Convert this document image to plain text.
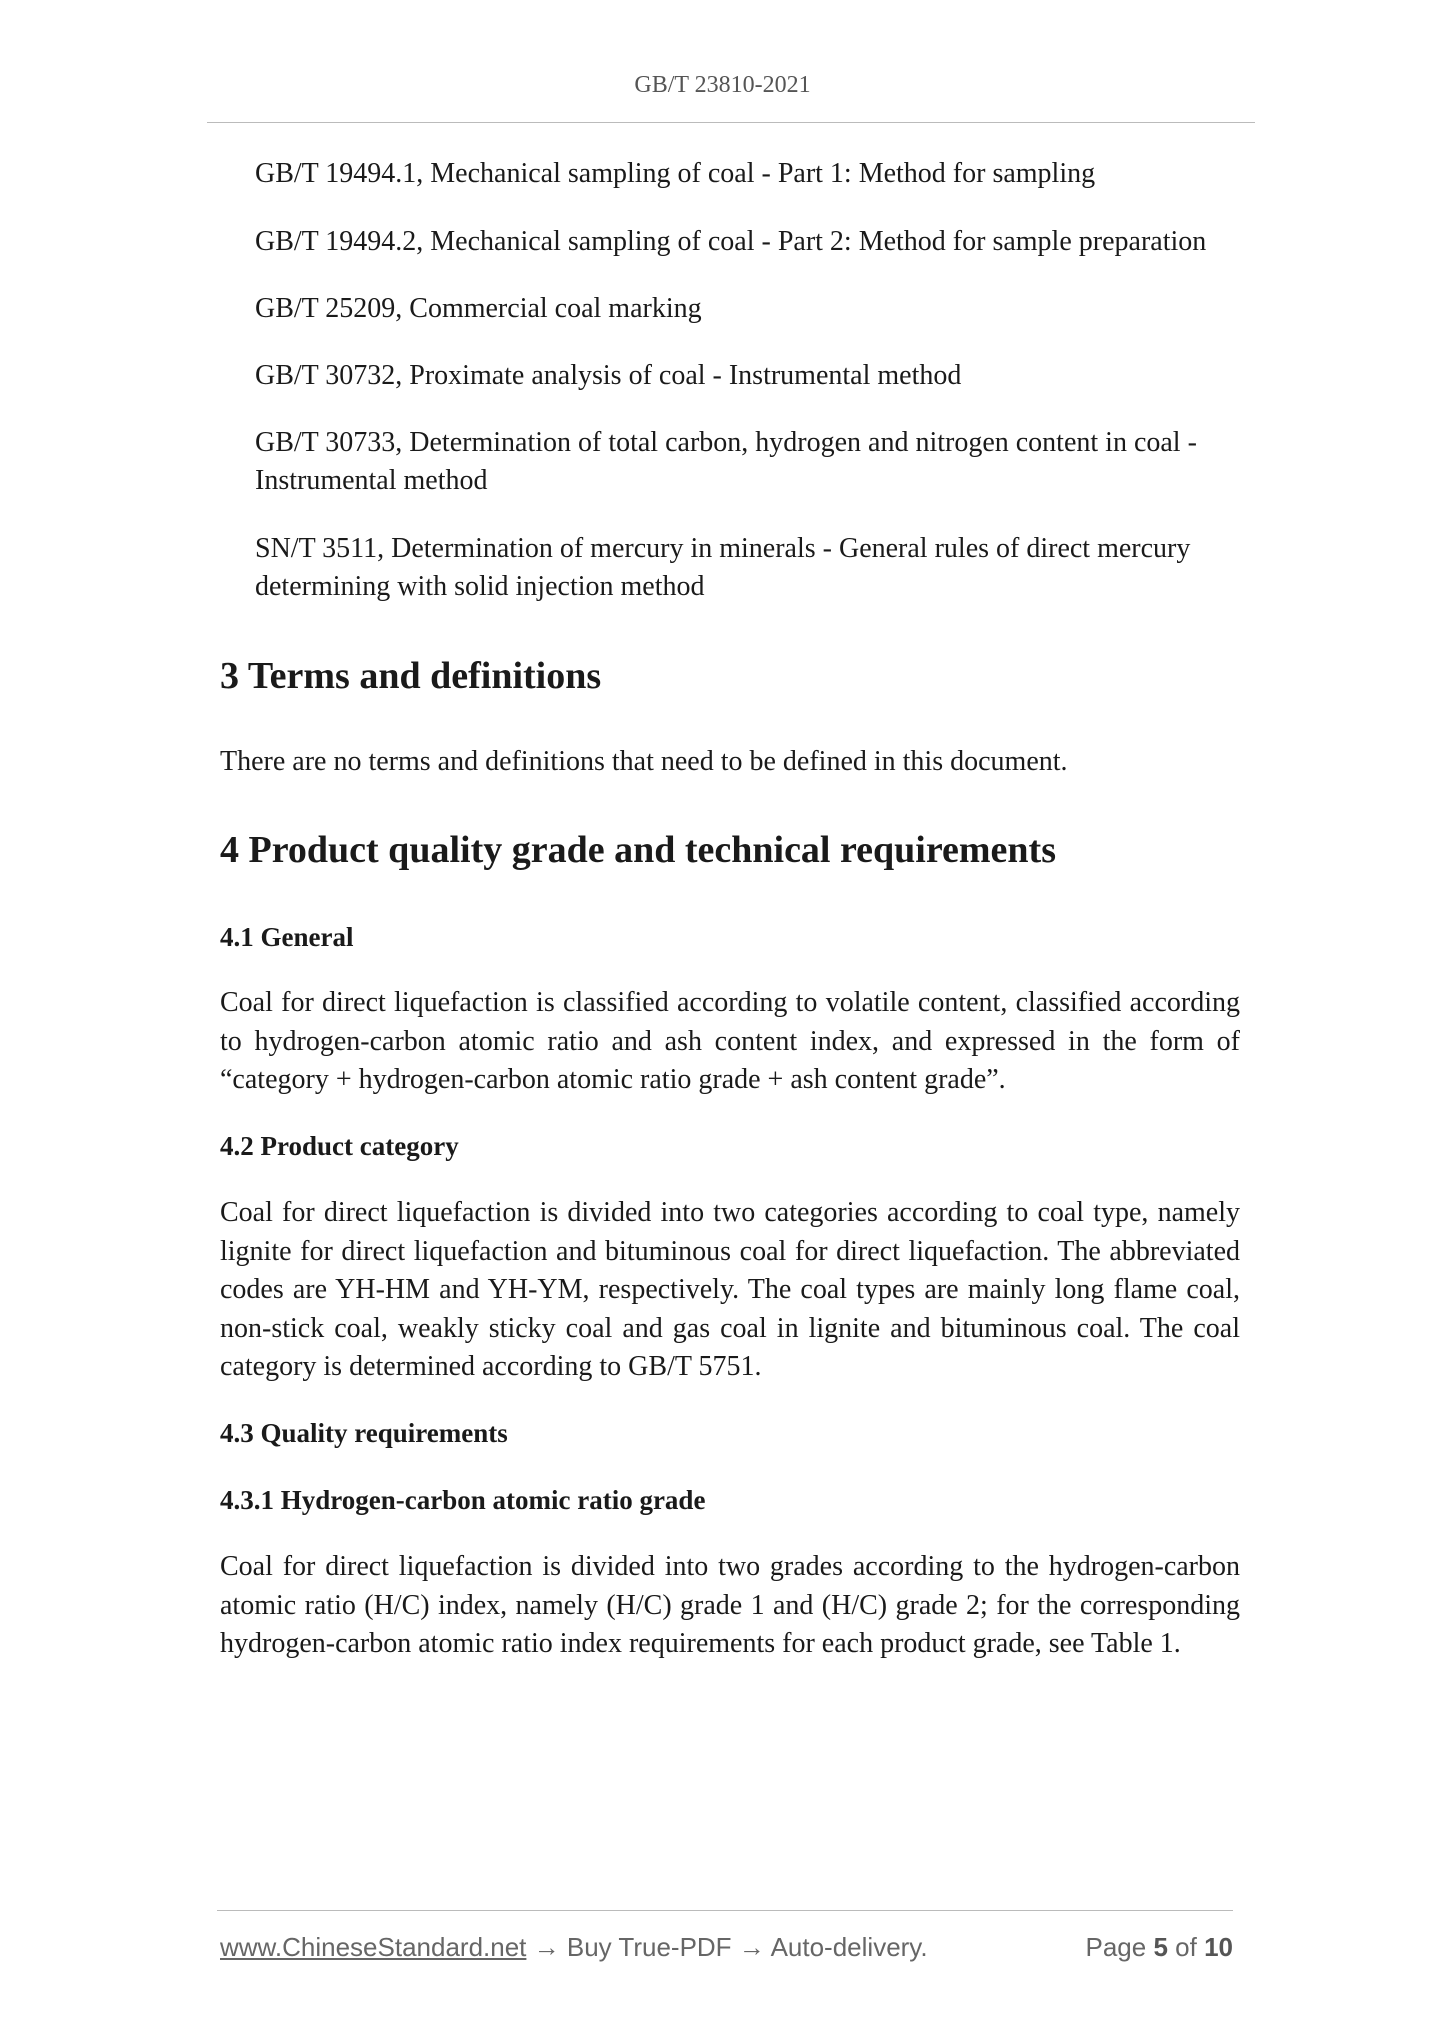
GB/T 23810-2021
GB/T 19494.1, Mechanical sampling of coal - Part 1: Method for sampling
GB/T 19494.2, Mechanical sampling of coal - Part 2: Method for sample preparation
GB/T 25209, Commercial coal marking
GB/T 30732, Proximate analysis of coal - Instrumental method
GB/T 30733, Determination of total carbon, hydrogen and nitrogen content in coal - Instrumental method
SN/T 3511, Determination of mercury in minerals - General rules of direct mercury determining with solid injection method
3 Terms and definitions
There are no terms and definitions that need to be defined in this document.
4 Product quality grade and technical requirements
4.1 General
Coal for direct liquefaction is classified according to volatile content, classified according to hydrogen-carbon atomic ratio and ash content index, and expressed in the form of “category + hydrogen-carbon atomic ratio grade + ash content grade”.
4.2 Product category
Coal for direct liquefaction is divided into two categories according to coal type, namely lignite for direct liquefaction and bituminous coal for direct liquefaction. The abbreviated codes are YH-HM and YH-YM, respectively. The coal types are mainly long flame coal, non-stick coal, weakly sticky coal and gas coal in lignite and bituminous coal. The coal category is determined according to GB/T 5751.
4.3 Quality requirements
4.3.1 Hydrogen-carbon atomic ratio grade
Coal for direct liquefaction is divided into two grades according to the hydrogen-carbon atomic ratio (H/C) index, namely (H/C) grade 1 and (H/C) grade 2; for the corresponding hydrogen-carbon atomic ratio index requirements for each product grade, see Table 1.
www.ChineseStandard.net → Buy True-PDF → Auto-delivery.	Page 5 of 10
